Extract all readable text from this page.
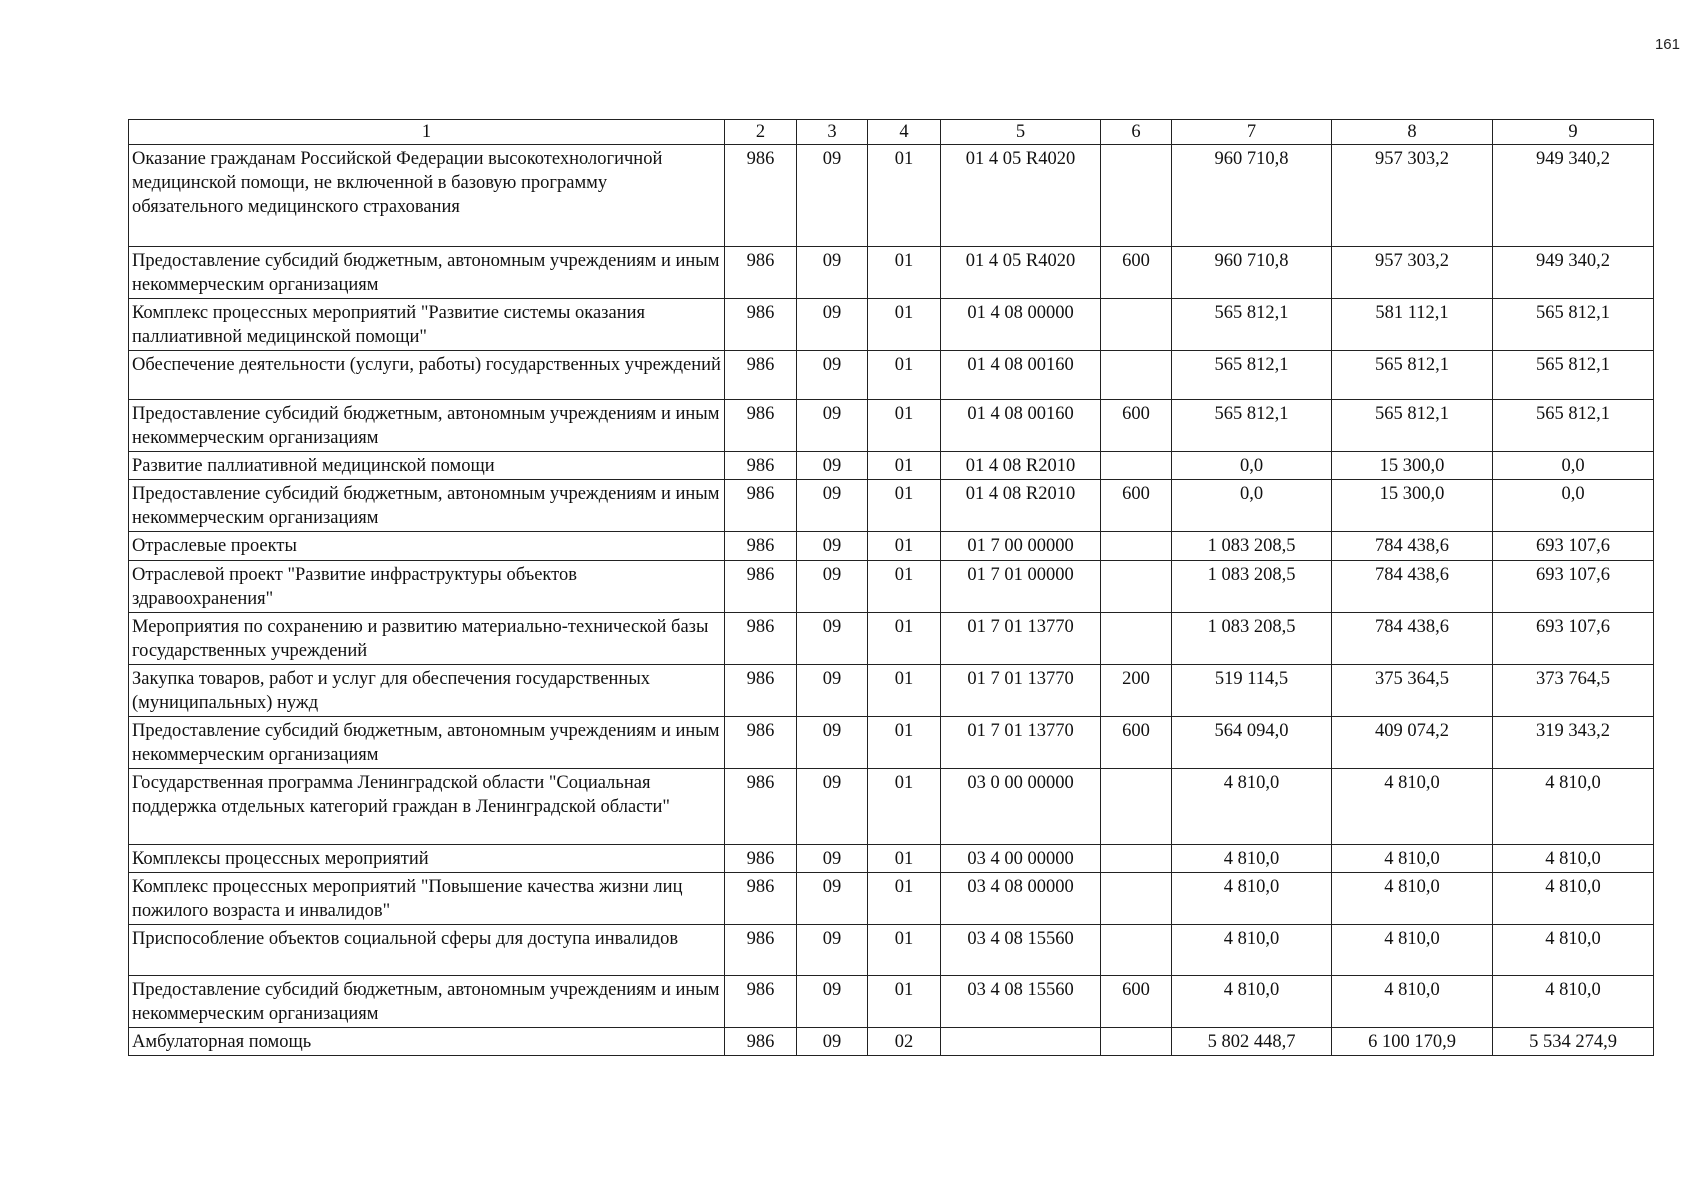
161
1	2	3	4	5	6	7	8	9
Оказание гражданам Российской Федерации высокотехнологичной медицинской помощи, не включенной в базовую программу обязательного медицинского страхования	986	09	01	01 4 05 R4020		960 710,8	957 303,2	949 340,2
Предоставление субсидий бюджетным, автономным учреждениям и иным некоммерческим организациям	986	09	01	01 4 05 R4020	600	960 710,8	957 303,2	949 340,2
Комплекс процессных мероприятий "Развитие системы оказания паллиативной медицинской помощи"	986	09	01	01 4 08 00000		565 812,1	581 112,1	565 812,1
Обеспечение деятельности (услуги, работы) государственных учреждений	986	09	01	01 4 08 00160		565 812,1	565 812,1	565 812,1
Предоставление субсидий бюджетным, автономным учреждениям и иным некоммерческим организациям	986	09	01	01 4 08 00160	600	565 812,1	565 812,1	565 812,1
Развитие паллиативной медицинской помощи	986	09	01	01 4 08 R2010		0,0	15 300,0	0,0
Предоставление субсидий бюджетным, автономным учреждениям и иным некоммерческим организациям	986	09	01	01 4 08 R2010	600	0,0	15 300,0	0,0
Отраслевые проекты	986	09	01	01 7 00 00000		1 083 208,5	784 438,6	693 107,6
Отраслевой проект "Развитие инфраструктуры объектов здравоохранения"	986	09	01	01 7 01 00000		1 083 208,5	784 438,6	693 107,6
Мероприятия по сохранению и развитию материально-технической базы государственных учреждений	986	09	01	01 7 01 13770		1 083 208,5	784 438,6	693 107,6
Закупка товаров, работ и услуг для обеспечения государственных (муниципальных) нужд	986	09	01	01 7 01 13770	200	519 114,5	375 364,5	373 764,5
Предоставление субсидий бюджетным, автономным учреждениям и иным некоммерческим организациям	986	09	01	01 7 01 13770	600	564 094,0	409 074,2	319 343,2
Государственная программа Ленинградской области "Социальная поддержка отдельных категорий граждан в Ленинградской области"	986	09	01	03 0 00 00000		4 810,0	4 810,0	4 810,0
Комплексы процессных мероприятий	986	09	01	03 4 00 00000		4 810,0	4 810,0	4 810,0
Комплекс процессных мероприятий "Повышение качества жизни лиц пожилого возраста и инвалидов"	986	09	01	03 4 08 00000		4 810,0	4 810,0	4 810,0
Приспособление объектов социальной сферы для доступа инвалидов	986	09	01	03 4 08 15560		4 810,0	4 810,0	4 810,0
Предоставление субсидий бюджетным, автономным учреждениям и иным некоммерческим организациям	986	09	01	03 4 08 15560	600	4 810,0	4 810,0	4 810,0
Амбулаторная помощь	986	09	02			5 802 448,7	6 100 170,9	5 534 274,9
